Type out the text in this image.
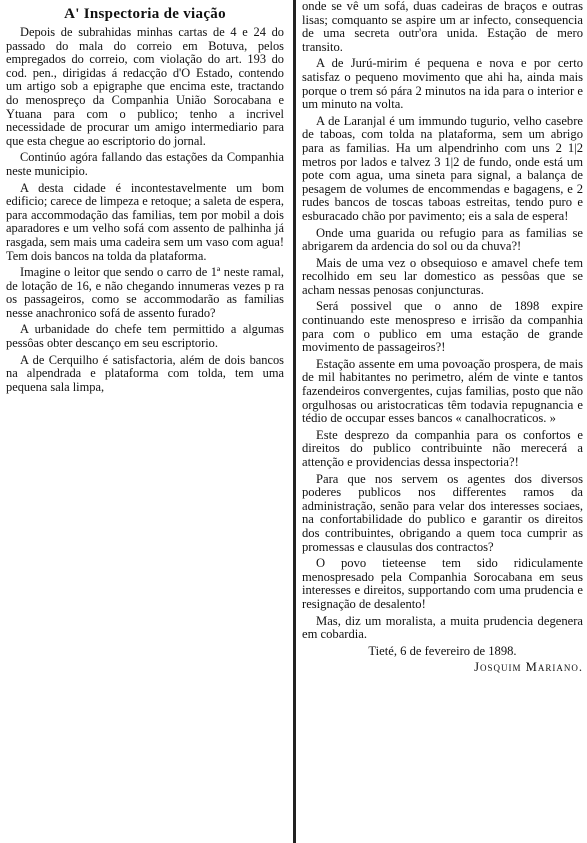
A' Inspectoria de viação

Depois de subrahidas minhas cartas de 4 e 24 do passado do mala do correio em Botuva, pelos empregados do correio, com violação do art. 193 do cod. pen., dirigidas á redacção d'O Estado, contendo um artigo sob a epigraphe que encima este, tractando do menospreço da Companhia União Sorocabana e Ytuana para com o publico; tenho a incrivel necessidade de procurar um amigo intermediario para que esta chegue ao escriptorio do jornal.

Continúo agóra fallando das estações da Companhia neste municipio.

A desta cidade é incontestavelmente um bom edificio; carece de limpeza e retoque; a saleta de espera, para accommodação das familias, tem por mobil a dois aparadores e um velho sofá com assento de palhinha já rasgada, sem mais uma cadeira sem um vaso com agua! Tem dois bancos na tolda da plataforma.

Imagine o leitor que sendo o carro de 1ª neste ramal, de lotação de 16, e não chegando innumeras vezes p ra os passageiros, como se accommodarão as familias nesse anachronico sofá de assento furado?

A urbanidade do chefe tem permittido a algumas pessôas obter descanço em seu escriptorio.

A de Cerquilho é satisfactoria, além de dois bancos na alpendrada e plataforma com tolda, tem uma pequena sala limpa,

onde se vê um sofá, duas cadeiras de braços e outras lisas; comquanto se aspire um ar infecto, consequencia de uma secreta outr'ora unida. Estação de mero transito.

A de Jurú-mirim é pequena e nova e por certo satisfaz o pequeno movimento que ahi ha, ainda mais porque o trem só pára 2 minutos na ida para o interior e um minuto na volta.

A de Laranjal é um immundo tugurio, velho casebre de taboas, com tolda na plataforma, sem um abrigo para as familias. Ha um alpendrinho com uns 2 1|2 metros por lados e talvez 3 1|2 de fundo, onde está um pote com agua, uma sineta para signal, a balança de pesagem de volumes de encommendas e bagagens, e 2 rudes bancos de toscas taboas estreitas, tendo puro e esburacado chão por pavimento; eis a sala de espera!

Onde uma guarida ou refugio para as familias se abrigarem da ardencia do sol ou da chuva?!

Mais de uma vez o obsequioso e amavel chefe tem recolhido em seu lar domestico as pessôas que se acham nessas penosas conjuncturas.

Será possivel que o anno de 1898 expire continuando este menospreso e irrisão da companhia para com o publico em uma estação de grande movimento de passageiros?!

Estação assente em uma povoação prospera, de mais de mil habitantes no perimetro, além de vinte e tantos fazendeiros convergentes, cujas familias, posto que não orgulhosas ou aristocraticas têm todavia repugnancia e tédio de occupar esses bancos « canalhocraticos. »

Este desprezo da companhia para os confortos e direitos do publico contribuinte não merecerá a attenção e providencias dessa inspectoria?!

Para que nos servem os agentes dos diversos poderes publicos nos differentes ramos da administração, senão para velar dos interesses sociaes, na confortabilidade do publico e garantir os direitos dos contribuintes, obrigando a quem toca cumprir as promessas e clausulas dos contractos?

O povo tieteense tem sido ridiculamente menospresado pela Companhia Sorocabana em seus interesses e direitos, supportando com uma prudencia e resignação de desalento!

Mas, diz um moralista, a muita prudencia degenera em cobardia.

Tieté, 6 de fevereiro de 1898.

Josquim Mariano.
